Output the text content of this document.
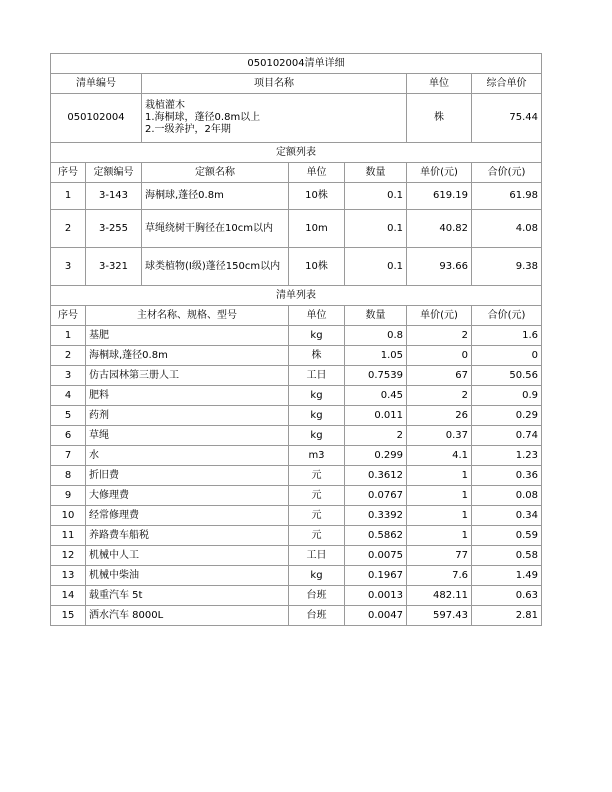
050102004清单详细						
清单编号		项目名称			单位	综合单价
050102004		栽植灌木
1.海桐球，蓬径0.8m以上
2.一级养护，2年期			株	75.44
定额列表						
序号	定额编号	定额名称	单位	数量	单价(元)	合价(元)
1	3-143	海桐球,蓬径0.8m	10株	0.1	619.19	61.98
2	3-255	草绳绕树干胸径在10cm以内	10m	0.1	40.82	4.08
3	3-321	球类植物(I级)蓬径150cm以内	10株	0.1	93.66	9.38
清单列表						
序号	主材名称、规格、型号		单位	数量	单价(元)	合价(元)
1	基肥		kg	0.8	2	1.6
2	海桐球,蓬径0.8m		株	1.05	0	0
3	仿古园林第三册人工		工日	0.7539	67	50.56
4	肥料		kg	0.45	2	0.9
5	药剂		kg	0.011	26	0.29
6	草绳		kg	2	0.37	0.74
7	水		m3	0.299	4.1	1.23
8	折旧费		元	0.3612	1	0.36
9	大修理费		元	0.0767	1	0.08
10	经常修理费		元	0.3392	1	0.34
11	养路费车船税		元	0.5862	1	0.59
12	机械中人工		工日	0.0075	77	0.58
13	机械中柴油		kg	0.1967	7.6	1.49
14	载重汽车 5t		台班	0.0013	482.11	0.63
15	洒水汽车 8000L		台班	0.0047	597.43	2.81
